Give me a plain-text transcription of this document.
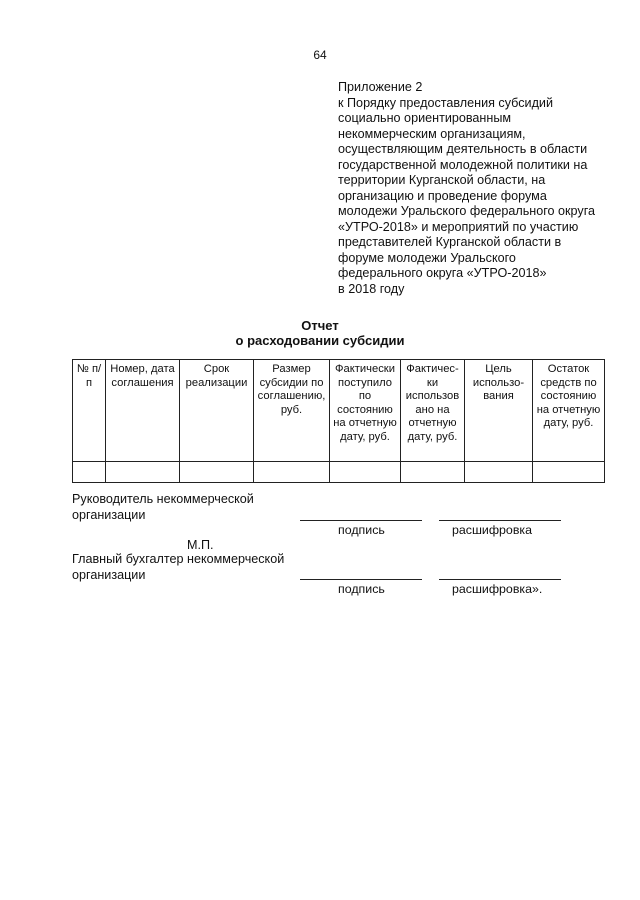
64
Приложение 2
к Порядку предоставления субсидий
социально ориентированным
некоммерческим организациям,
осуществляющим деятельность в области
государственной молодежной политики на
территории Курганской области, на
организацию и проведение форума
молодежи Уральского федерального округа
«УТРО-2018» и мероприятий по участию
представителей Курганской области в
форуме молодежи Уральского
федерального округа «УТРО-2018»
в 2018 году
Отчет
о расходовании субсидии
№ п/п	Номер, дата соглашения	Срок реализации	Размер субсидии по соглашению, руб.	Фактически поступило по состоянию на отчетную дату, руб.	Фактичес-ки использов ано на отчетную дату, руб.	Цель использо-вания	Остаток средств по состоянию на отчетную дату, руб.

Руководитель некоммерческой
организации
подпись	расшифровка
М.П.
Главный бухгалтер некоммерческой
организации
подпись	расшифровка».
